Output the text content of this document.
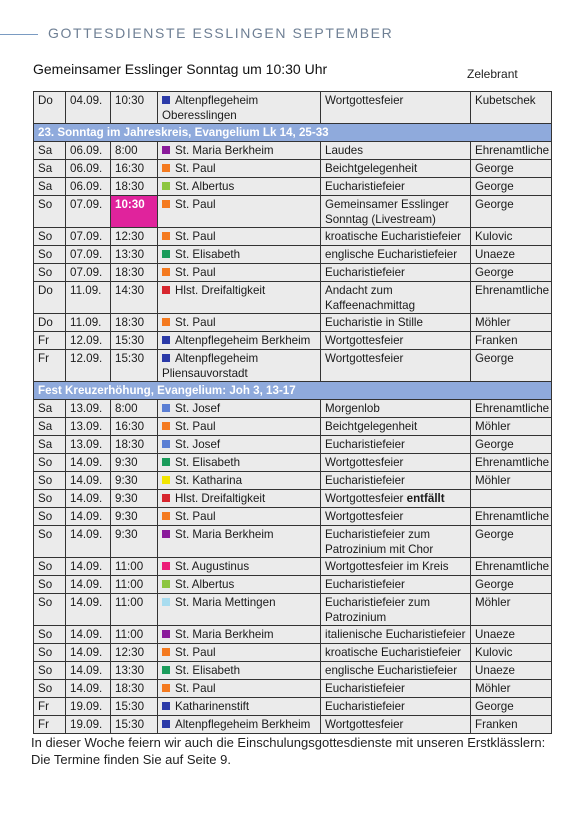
GOTTESDIENSTE ESSLINGEN SEPTEMBER
Gemeinsamer Esslinger Sonntag um 10:30 Uhr	Zelebrant
Do	04.09.	10:30	Altenpflegeheim Oberesslingen	Wortgottesfeier	Kubetschek
23. Sonntag im Jahreskreis, Evangelium Lk 14, 25-33					
Sa	06.09.	8:00	St. Maria Berkheim	Laudes	Ehrenamtliche
Sa	06.09.	16:30	St. Paul	Beichtgelegenheit	George
Sa	06.09.	18:30	St. Albertus	Eucharistiefeier	George
So	07.09.	10:30	St. Paul	Gemeinsamer Esslinger Sonntag (Livestream)	George
So	07.09.	12:30	St. Paul	kroatische Eucharistiefeier	Kulovic
So	07.09.	13:30	St. Elisabeth	englische Eucharistiefeier	Unaeze
So	07.09.	18:30	St. Paul	Eucharistiefeier	George
Do	11.09.	14:30	Hlst. Dreifaltigkeit	Andacht zum Kaffeenachmittag	Ehrenamtliche
Do	11.09.	18:30	St. Paul	Eucharistie in Stille	Möhler
Fr	12.09.	15:30	Altenpflegeheim Berkheim	Wortgottesfeier	Franken
Fr	12.09.	15:30	Altenpflegeheim Pliensauvorstadt	Wortgottesfeier	George
Fest Kreuzerhöhung, Evangelium: Joh 3, 13-17					
Sa	13.09.	8:00	St. Josef	Morgenlob	Ehrenamtliche
Sa	13.09.	16:30	St. Paul	Beichtgelegenheit	Möhler
Sa	13.09.	18:30	St. Josef	Eucharistiefeier	George
So	14.09.	9:30	St. Elisabeth	Wortgottesfeier	Ehrenamtliche
So	14.09.	9:30	St. Katharina	Eucharistiefeier	Möhler
So	14.09.	9:30	Hlst. Dreifaltigkeit	Wortgottesfeier entfällt	
So	14.09.	9:30	St. Paul	Wortgottesfeier	Ehrenamtliche
So	14.09.	9:30	St. Maria Berkheim	Eucharistiefeier zum Patrozinium mit Chor	George
So	14.09.	11:00	St. Augustinus	Wortgottesfeier im Kreis	Ehrenamtliche
So	14.09.	11:00	St. Albertus	Eucharistiefeier	George
So	14.09.	11:00	St. Maria Mettingen	Eucharistiefeier zum Patrozinium	Möhler
So	14.09.	11:00	St. Maria Berkheim	italienische Eucharistiefeier	Unaeze
So	14.09.	12:30	St. Paul	kroatische Eucharistiefeier	Kulovic
So	14.09.	13:30	St. Elisabeth	englische Eucharistiefeier	Unaeze
So	14.09.	18:30	St. Paul	Eucharistiefeier	Möhler
Fr	19.09.	15:30	Katharinenstift	Eucharistiefeier	George
Fr	19.09.	15:30	Altenpflegeheim Berkheim	Wortgottesfeier	Franken
In dieser Woche feiern wir auch die Einschulungsgottesdienste mit unseren Erstklässlern: Die Termine finden Sie auf Seite 9.
